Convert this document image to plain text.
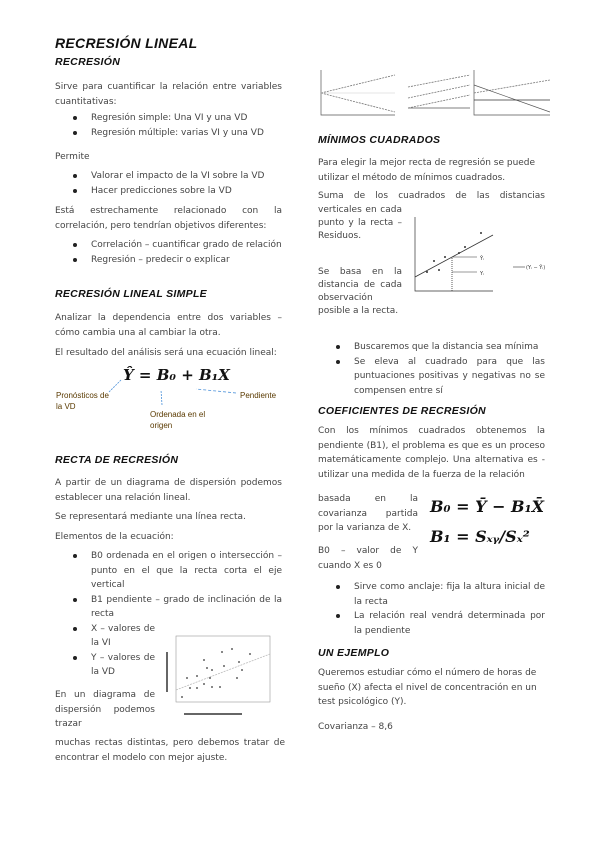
RECRESIÓN LINEAL
RECRESIÓN
Sirve para cuantificar la relación entre variables cuantitativas:
Regresión simple: Una VI y una VD
Regresión múltiple: varias VI y una VD
Permite
Valorar el impacto de la VI sobre la VD
Hacer predicciones sobre la VD
Está estrechamente relacionado con la correlación, pero tendrían objetivos diferentes:
Correlación – cuantificar grado de relación
Regresión – predecir o explicar
RECRESIÓN LINEAL SIMPLE
Analizar la dependencia entre dos variables – cómo cambia una al cambiar la otra.
El resultado del análisis será una ecuación lineal:
Ŷ = B₀ + B₁X
Pronósticos de la VD
Ordenada en el origen
Pendiente
RECTA DE RECRESIÓN
A partir de un diagrama de dispersión podemos establecer una relación lineal.
Se representará mediante una línea recta.
Elementos de la ecuación:
B0 ordenada en el origen o intersección – punto en el que la recta corta el eje vertical
B1 pendiente – grado de inclinación de la recta
X – valores de la VI
Y – valores de la VD
En un diagrama de dispersión podemos trazar
muchas rectas distintas, pero debemos tratar de encontrar el modelo con mejor ajuste.
MÍNIMOS CUADRADOS
Para elegir la mejor recta de regresión se puede utilizar el método de mínimos cuadrados.
Suma de los cuadrados de las distancias
verticales en cada punto y la recta – Residuos.
Se basa en la distancia de cada observación posible a la recta.
Ŷᵢ
Yᵢ
(Yᵢ − Ŷᵢ)
Buscaremos que la distancia sea mínima
Se eleva al cuadrado para que las puntuaciones positivas y negativas no se compensen entre sí
COEFICIENTES DE RECRESIÓN
Con los mínimos cuadrados obtenemos la pendiente (B1), el problema es que es un proceso matemáticamente complejo. Una alternativa es - utilizar una medida de la fuerza de la relación
basada en la covarianza partida por la varianza de X.
B0 – valor de Y cuando X es 0
B₀ = Ȳ − B₁X̄
B₁ = Sₓᵧ/Sₓ²
Sirve como anclaje: fija la altura inicial de la recta
La relación real vendrá determinada por la pendiente
UN EJEMPLO
Queremos estudiar cómo el número de horas de sueño (X) afecta el nivel de concentración en un test psicológico (Y).
Covarianza – 8,6
